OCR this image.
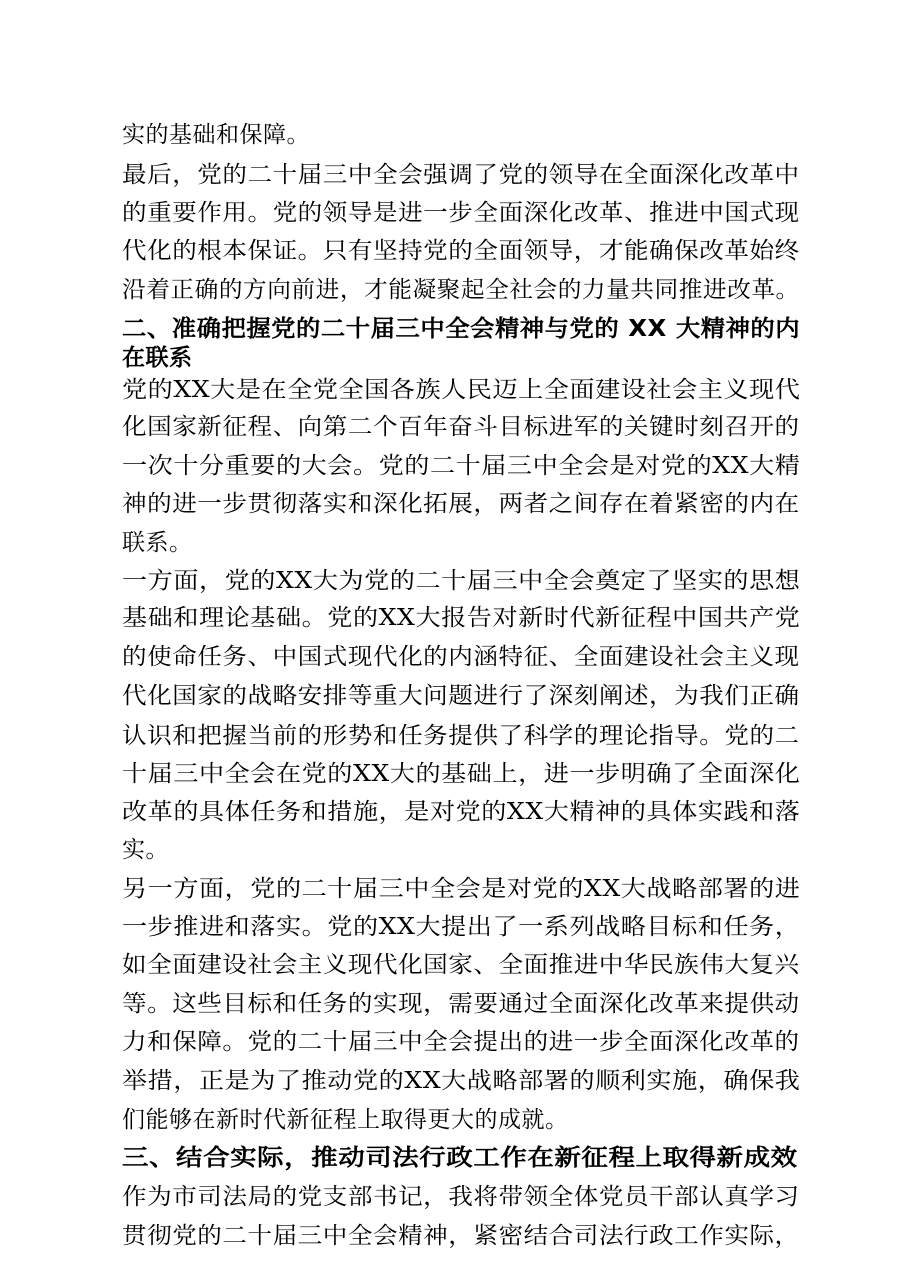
实的基础和保障。
最后，党的二十届三中全会强调了党的领导在全面深化改革中
的重要作用。党的领导是进一步全面深化改革、推进中国式现
代化的根本保证。只有坚持党的全面领导，才能确保改革始终
沿着正确的方向前进，才能凝聚起全社会的力量共同推进改革。
二、准确把握党的二十届三中全会精神与党的 XX 大精神的内
在联系
党的XX大是在全党全国各族人民迈上全面建设社会主义现代
化国家新征程、向第二个百年奋斗目标进军的关键时刻召开的
一次十分重要的大会。党的二十届三中全会是对党的XX大精
神的进一步贯彻落实和深化拓展，两者之间存在着紧密的内在
联系。
一方面，党的XX大为党的二十届三中全会奠定了坚实的思想
基础和理论基础。党的XX大报告对新时代新征程中国共产党
的使命任务、中国式现代化的内涵特征、全面建设社会主义现
代化国家的战略安排等重大问题进行了深刻阐述，为我们正确
认识和把握当前的形势和任务提供了科学的理论指导。党的二
十届三中全会在党的XX大的基础上，进一步明确了全面深化
改革的具体任务和措施，是对党的XX大精神的具体实践和落
实。
另一方面，党的二十届三中全会是对党的XX大战略部署的进
一步推进和落实。党的XX大提出了一系列战略目标和任务，
如全面建设社会主义现代化国家、全面推进中华民族伟大复兴
等。这些目标和任务的实现，需要通过全面深化改革来提供动
力和保障。党的二十届三中全会提出的进一步全面深化改革的
举措，正是为了推动党的XX大战略部署的顺利实施，确保我
们能够在新时代新征程上取得更大的成就。
三、结合实际，推动司法行政工作在新征程上取得新成效
作为市司法局的党支部书记，我将带领全体党员干部认真学习
贯彻党的二十届三中全会精神，紧密结合司法行政工作实际，
